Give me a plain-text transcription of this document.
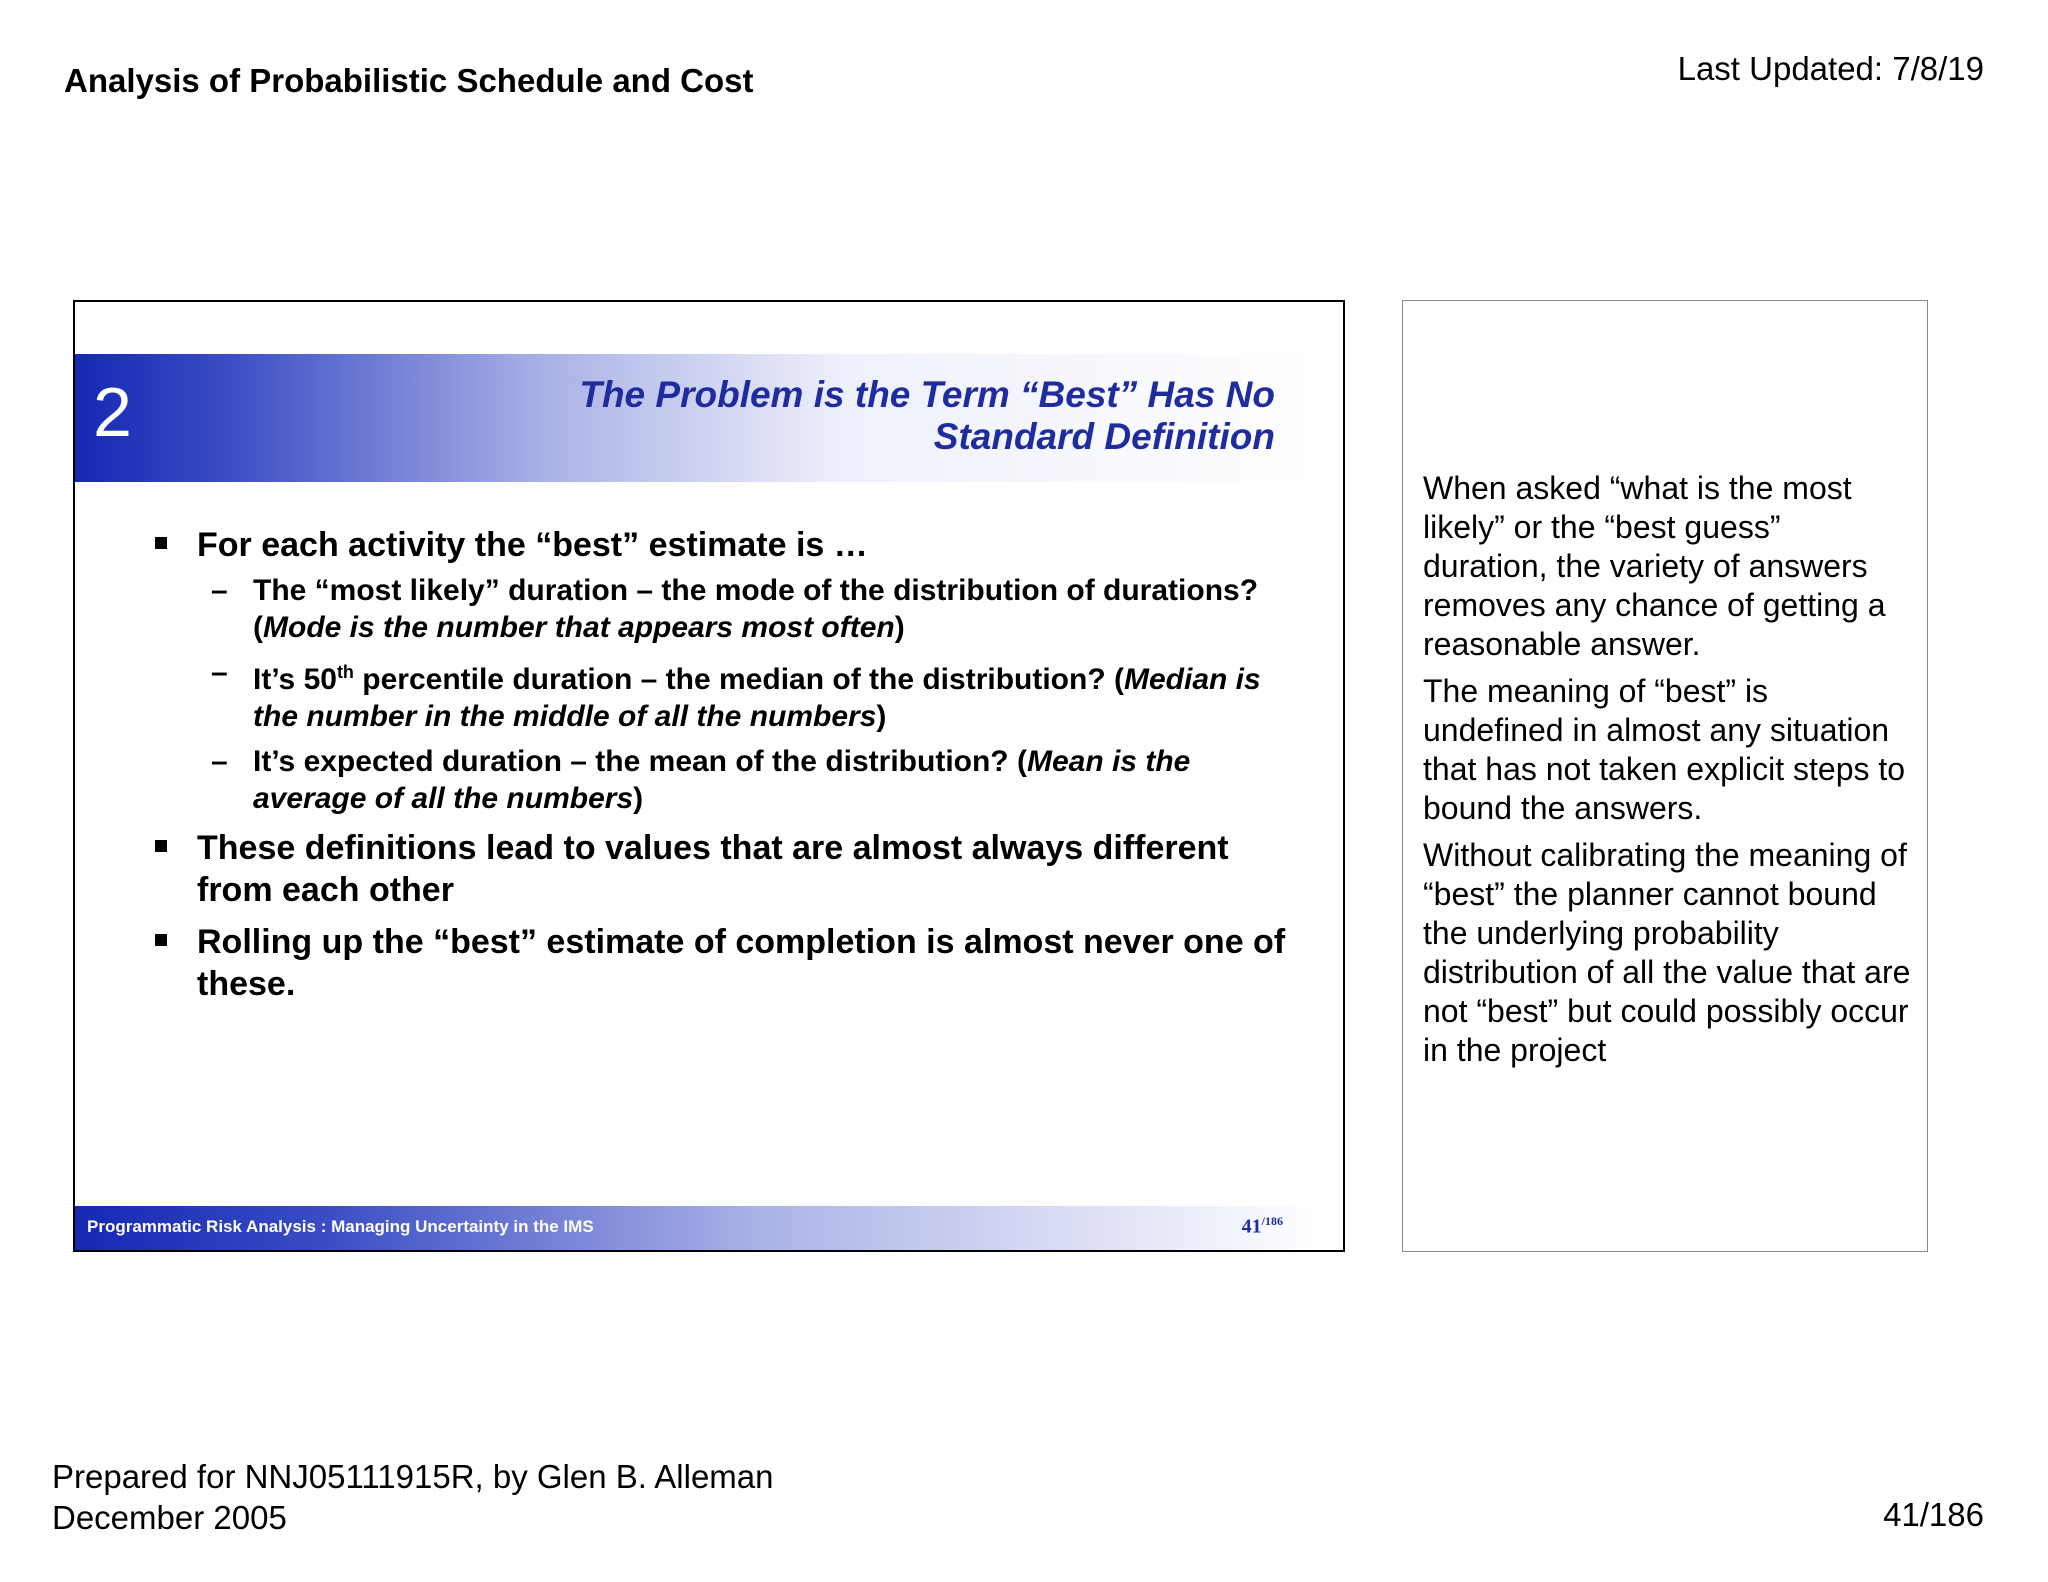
Analysis of Probabilistic Schedule and Cost	Last Updated: 7/8/19
2	The Problem is the Term “Best” Has No
Standard Definition
For each activity the “best” estimate is …
– The “most likely” duration – the mode of the distribution of durations? (Mode is the number that appears most often)
– It’s 50th percentile duration – the median of the distribution? (Median is the number in the middle of all the numbers)
– It’s expected duration – the mean of the distribution? (Mean is the average of all the numbers)
These definitions lead to values that are almost always different from each other
Rolling up the “best” estimate of completion is almost never one of these.
Programmatic Risk Analysis : Managing Uncertainty in the IMS	$41^{/186}$

When asked “what is the most likely” or the “best guess” duration, the variety of answers removes any chance of getting a reasonable answer.

The meaning of “best” is undefined in almost any situation that has not taken explicit steps to bound the answers.

Without calibrating the meaning of “best” the planner cannot bound the underlying probability distribution of all the value that are not “best” but could possibly occur in the project

Prepared for NNJ05111915R, by Glen B. Alleman
December 2005	41/186
